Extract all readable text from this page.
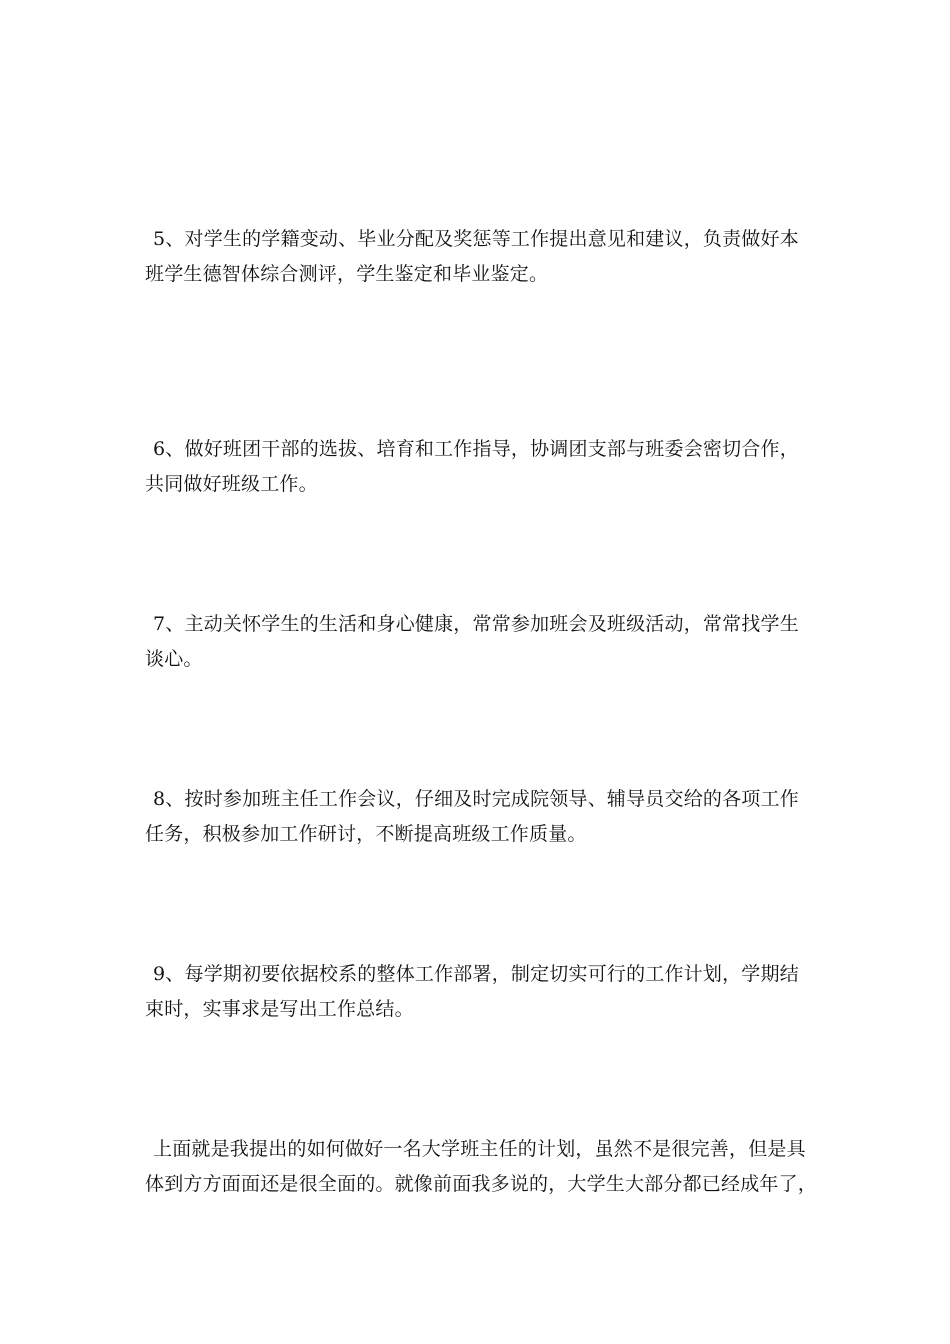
5、对学生的学籍变动、毕业分配及奖惩等工作提出意见和建议，负责做好本
班学生德智体综合测评，学生鉴定和毕业鉴定。

6、做好班团干部的选拔、培育和工作指导，协调团支部与班委会密切合作，
共同做好班级工作。

7、主动关怀学生的生活和身心健康，常常参加班会及班级活动，常常找学生
谈心。

8、按时参加班主任工作会议，仔细及时完成院领导、辅导员交给的各项工作
任务，积极参加工作研讨，不断提高班级工作质量。

9、每学期初要依据校系的整体工作部署，制定切实可行的工作计划，学期结
束时，实事求是写出工作总结。

上面就是我提出的如何做好一名大学班主任的计划，虽然不是很完善，但是具
体到方方面面还是很全面的。就像前面我多说的，大学生大部分都已经成年了，
